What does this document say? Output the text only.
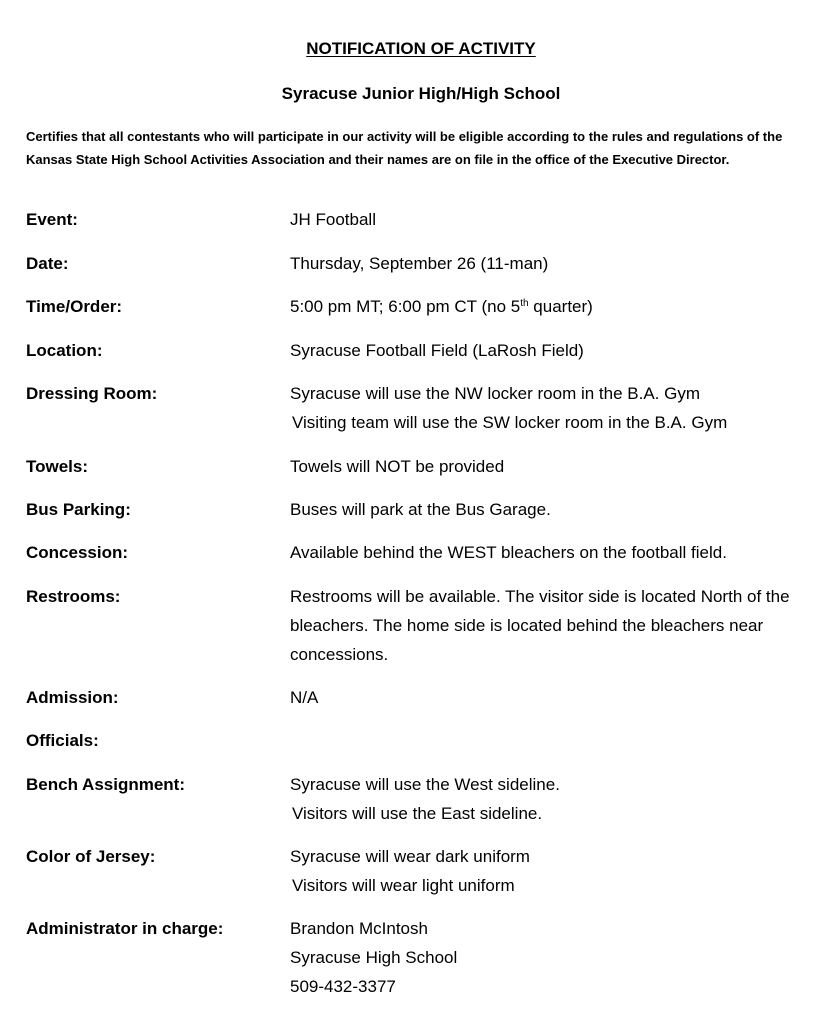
NOTIFICATION OF ACTIVITY
Syracuse Junior High/High School
Certifies that all contestants who will participate in our activity will be eligible according to the rules and regulations of the Kansas State High School Activities Association and their names are on file in the office of the Executive Director.
Event:	JH Football
Date:	Thursday, September 26 (11-man)
Time/Order:	5:00 pm MT; 6:00 pm CT (no 5th quarter)
Location:	Syracuse Football Field (LaRosh Field)
Dressing Room:	Syracuse will use the NW locker room in the B.A. Gym
Visiting team will use the SW locker room in the B.A. Gym
Towels:	Towels will NOT be provided
Bus Parking:	Buses will park at the Bus Garage.
Concession:	Available behind the WEST bleachers on the football field.
Restrooms:	Restrooms will be available. The visitor side is located North of the bleachers. The home side is located behind the bleachers near concessions.
Admission:	N/A
Officials:
Bench Assignment:	Syracuse will use the West sideline.
Visitors will use the East sideline.
Color of Jersey:	Syracuse will wear dark uniform
Visitors will wear light uniform
Administrator in charge:	Brandon McIntosh
Syracuse High School
509-432-3377
